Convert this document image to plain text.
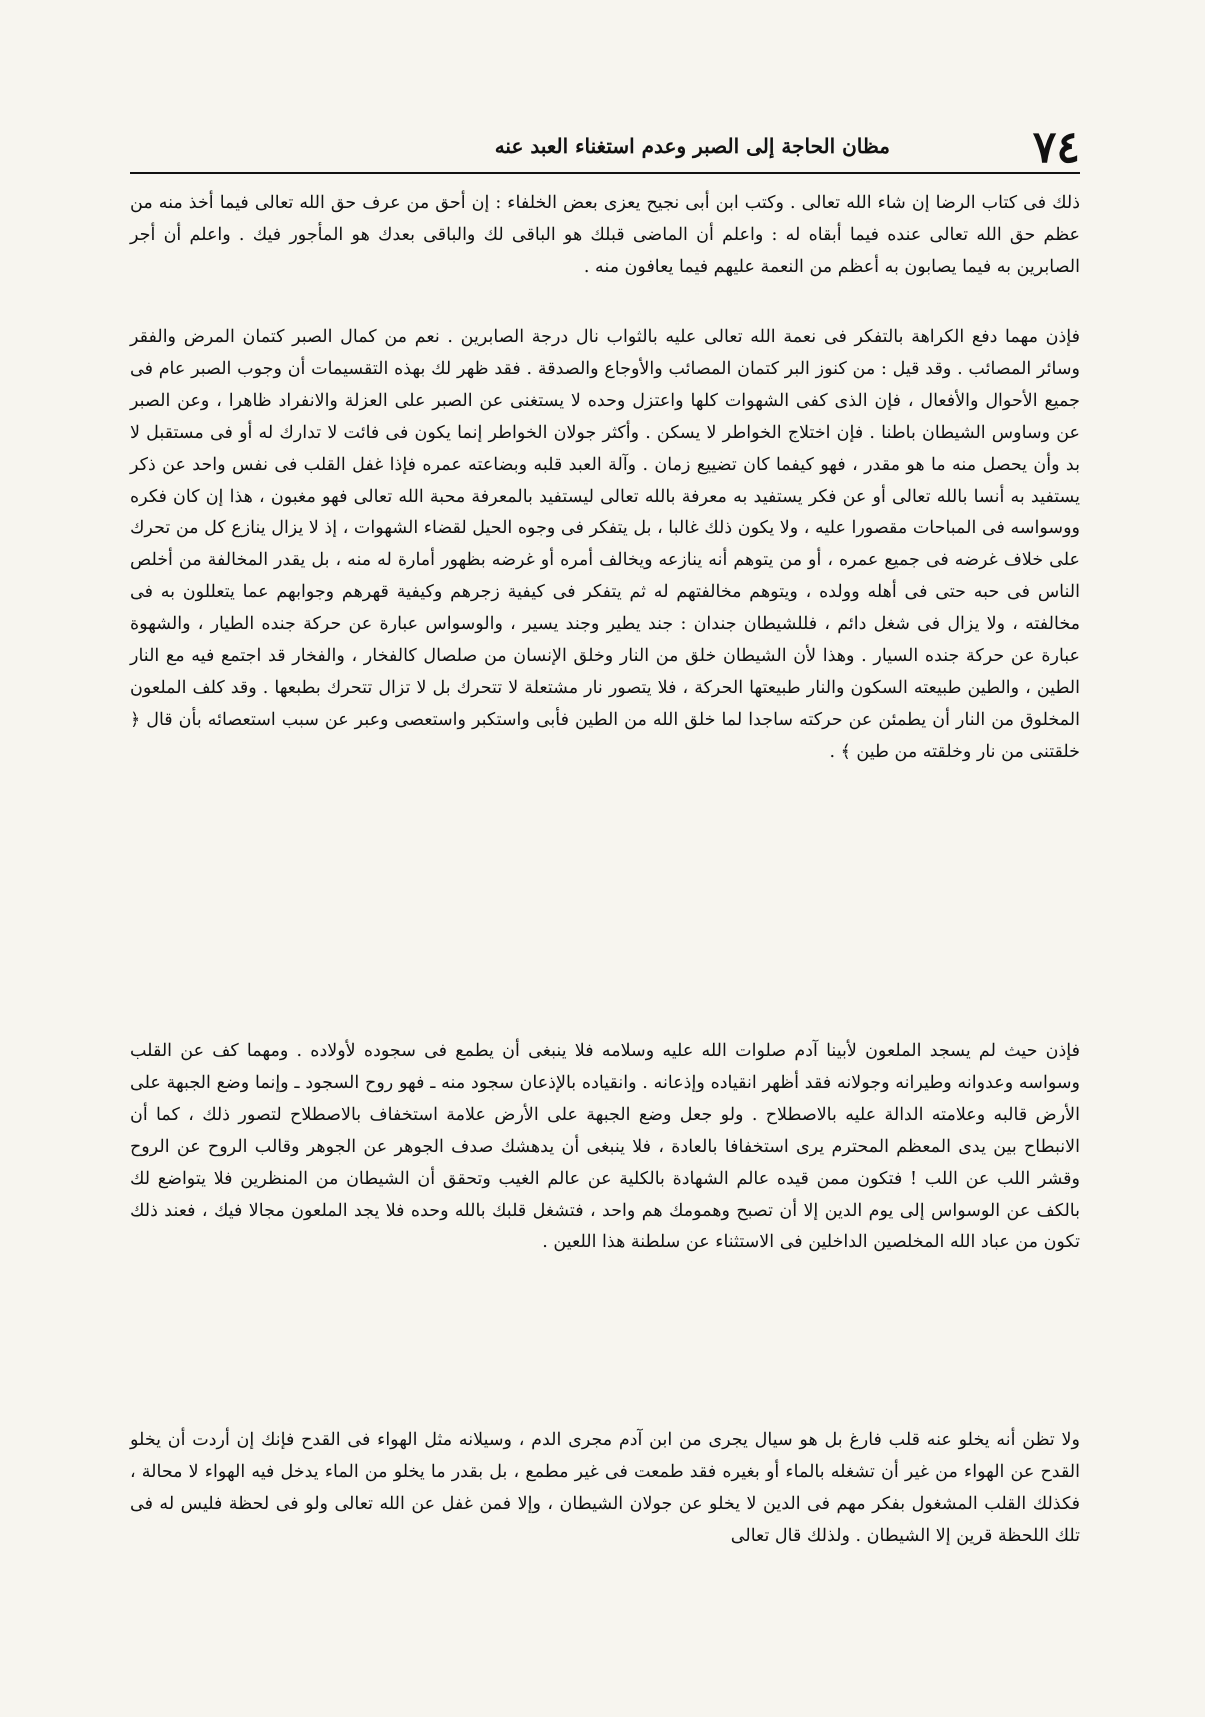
٧٤
مظان الحاجة إلى الصبر وعدم استغناء العبد عنه

ذلك فى كتاب الرضا إن شاء الله تعالى . وكتب ابن أبى نجيح يعزى بعض الخلفاء : إن أحق من عرف حق الله تعالى فيما أخذ منه من عظم حق الله تعالى عنده فيما أبقاه له : واعلم أن الماضى قبلك هو الباقى لك والباقى بعدك هو المأجور فيك . واعلم أن أجر الصابرين به فيما يصابون به أعظم من النعمة عليهم فيما يعافون منه .

فإذن مهما دفع الكراهة بالتفكر فى نعمة الله تعالى عليه بالثواب نال درجة الصابرين . نعم من كمال الصبر كتمان المرض والفقر وسائر المصائب . وقد قيل : من كنوز البر كتمان المصائب والأوجاع والصدقة . فقد ظهر لك بهذه التقسيمات أن وجوب الصبر عام فى جميع الأحوال والأفعال ، فإن الذى كفى الشهوات كلها واعتزل وحده لا يستغنى عن الصبر على العزلة والانفراد ظاهرا ، وعن الصبر عن وساوس الشيطان باطنا . فإن اختلاج الخواطر لا يسكن . وأكثر جولان الخواطر إنما يكون فى فائت لا تدارك له أو فى مستقبل لا بد وأن يحصل منه ما هو مقدر ، فهو كيفما كان تضييع زمان . وآلة العبد قلبه وبضاعته عمره فإذا غفل القلب فى نفس واحد عن ذكر يستفيد به أنسا بالله تعالى أو عن فكر يستفيد به معرفة بالله تعالى ليستفيد بالمعرفة محبة الله تعالى فهو مغبون ، هذا إن كان فكره ووسواسه فى المباحات مقصورا عليه ، ولا يكون ذلك غالبا ، بل يتفكر فى وجوه الحيل لقضاء الشهوات ، إذ لا يزال ينازع كل من تحرك على خلاف غرضه فى جميع عمره ، أو من يتوهم أنه ينازعه ويخالف أمره أو غرضه بظهور أمارة له منه ، بل يقدر المخالفة من أخلص الناس فى حبه حتى فى أهله وولده ، ويتوهم مخالفتهم له ثم يتفكر فى كيفية زجرهم وكيفية قهرهم وجوابهم عما يتعللون به فى مخالفته ، ولا يزال فى شغل دائم ، فللشيطان جندان : جند يطير وجند يسير ، والوسواس عبارة عن حركة جنده الطيار ، والشهوة عبارة عن حركة جنده السيار . وهذا لأن الشيطان خلق من النار وخلق الإنسان من صلصال كالفخار ، والفخار قد اجتمع فيه مع النار الطين ، والطين طبيعته السكون والنار طبيعتها الحركة ، فلا يتصور نار مشتعلة لا تتحرك بل لا تزال تتحرك بطبعها . وقد كلف الملعون المخلوق من النار أن يطمئن عن حركته ساجدا لما خلق الله من الطين فأبى واستكبر واستعصى وعبر عن سبب استعصائه بأن قال ﴿ خلقتنى من نار وخلقته من طين ﴾ .

فإذن حيث لم يسجد الملعون لأبينا آدم صلوات الله عليه وسلامه فلا ينبغى أن يطمع فى سجوده لأولاده . ومهما كف عن القلب وسواسه وعدوانه وطيرانه وجولانه فقد أظهر انقياده وإذعانه . وانقياده بالإذعان سجود منه ـ فهو روح السجود ـ وإنما وضع الجبهة على الأرض قالبه وعلامته الدالة عليه بالاصطلاح . ولو جعل وضع الجبهة على الأرض علامة استخفاف بالاصطلاح لتصور ذلك ، كما أن الانبطاح بين يدى المعظم المحترم يرى استخفافا بالعادة ، فلا ينبغى أن يدهشك صدف الجوهر عن الجوهر وقالب الروح عن الروح وقشر اللب عن اللب ! فتكون ممن قيده عالم الشهادة بالكلية عن عالم الغيب وتحقق أن الشيطان من المنظرين فلا يتواضع لك بالكف عن الوسواس إلى يوم الدين إلا أن تصبح وهمومك هم واحد ، فتشغل قلبك بالله وحده فلا يجد الملعون مجالا فيك ، فعند ذلك تكون من عباد الله المخلصين الداخلين فى الاستثناء عن سلطنة هذا اللعين .

ولا تظن أنه يخلو عنه قلب فارغ بل هو سيال يجرى من ابن آدم مجرى الدم ، وسيلانه مثل الهواء فى القدح فإنك إن أردت أن يخلو القدح عن الهواء من غير أن تشغله بالماء أو بغيره فقد طمعت فى غير مطمع ، بل بقدر ما يخلو من الماء يدخل فيه الهواء لا محالة ، فكذلك القلب المشغول بفكر مهم فى الدين لا يخلو عن جولان الشيطان ، وإلا فمن غفل عن الله تعالى ولو فى لحظة فليس له فى تلك اللحظة قرين إلا الشيطان . ولذلك قال تعالى
